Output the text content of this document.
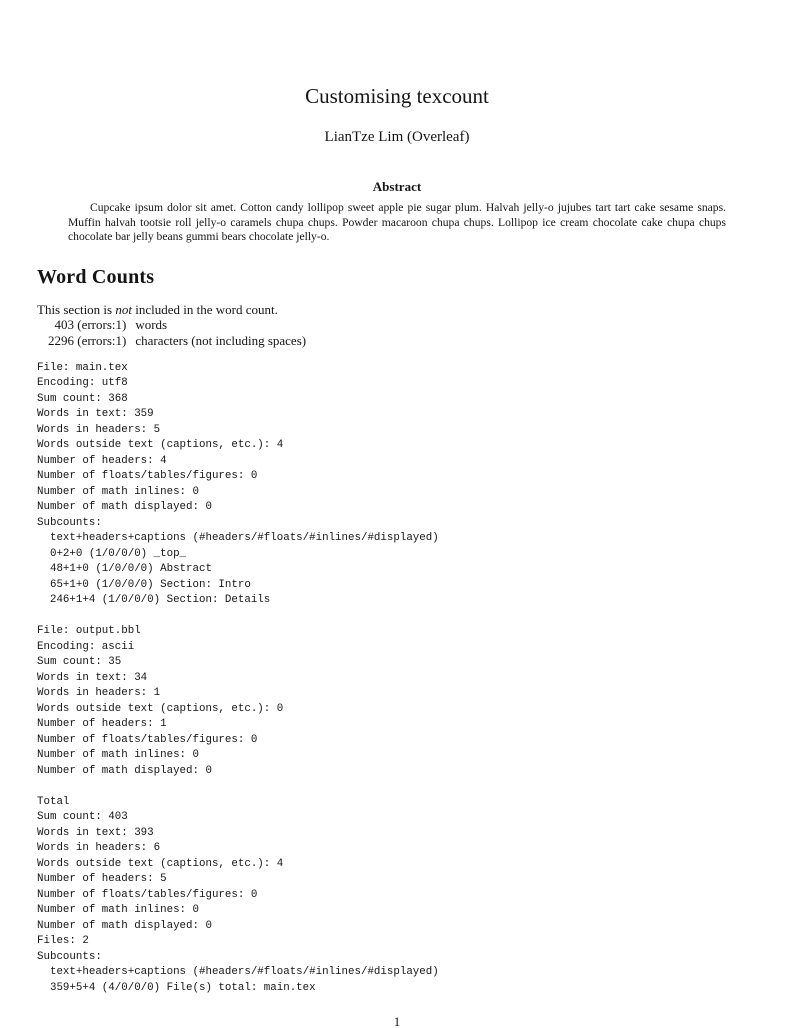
Customising texcount
LianTze Lim (Overleaf)
Abstract

Cupcake ipsum dolor sit amet. Cotton candy lollipop sweet apple pie sugar plum. Halvah jelly-o jujubes tart tart cake sesame snaps. Muffin halvah tootsie roll jelly-o caramels chupa chups. Powder macaroon chupa chups. Lollipop ice cream chocolate cake chupa chups chocolate bar jelly beans gummi bears chocolate jelly-o.

Word Counts

This section is not included in the word count.

403 (errors:1) words
2296 (errors:1) characters (not including spaces)
File: main.tex
Encoding: utf8
Sum count: 368
Words in text: 359
Words in headers: 5
Words outside text (captions, etc.): 4
Number of headers: 4
Number of floats/tables/figures: 0
Number of math inlines: 0
Number of math displayed: 0
Subcounts:
text+headers+captions (#headers/#floats/#inlines/#displayed)
0+2+0 (1/0/0/0) _top_
48+1+0 (1/0/0/0) Abstract
65+1+0 (1/0/0/0) Section: Intro
246+1+4 (1/0/0/0) Section: Details
File: output.bbl
Encoding: ascii
Sum count: 35
Words in text: 34
Words in headers: 1
Words outside text (captions, etc.): 0
Number of headers: 1
Number of floats/tables/figures: 0
Number of math inlines: 0
Number of math displayed: 0
Total
Sum count: 403
Words in text: 393
Words in headers: 6
Words outside text (captions, etc.): 4
Number of headers: 5
Number of floats/tables/figures: 0
Number of math inlines: 0
Number of math displayed: 0
Files: 2
Subcounts:
text+headers+captions (#headers/#floats/#inlines/#displayed)
359+5+4 (4/0/0/0) File(s) total: main.tex
1
